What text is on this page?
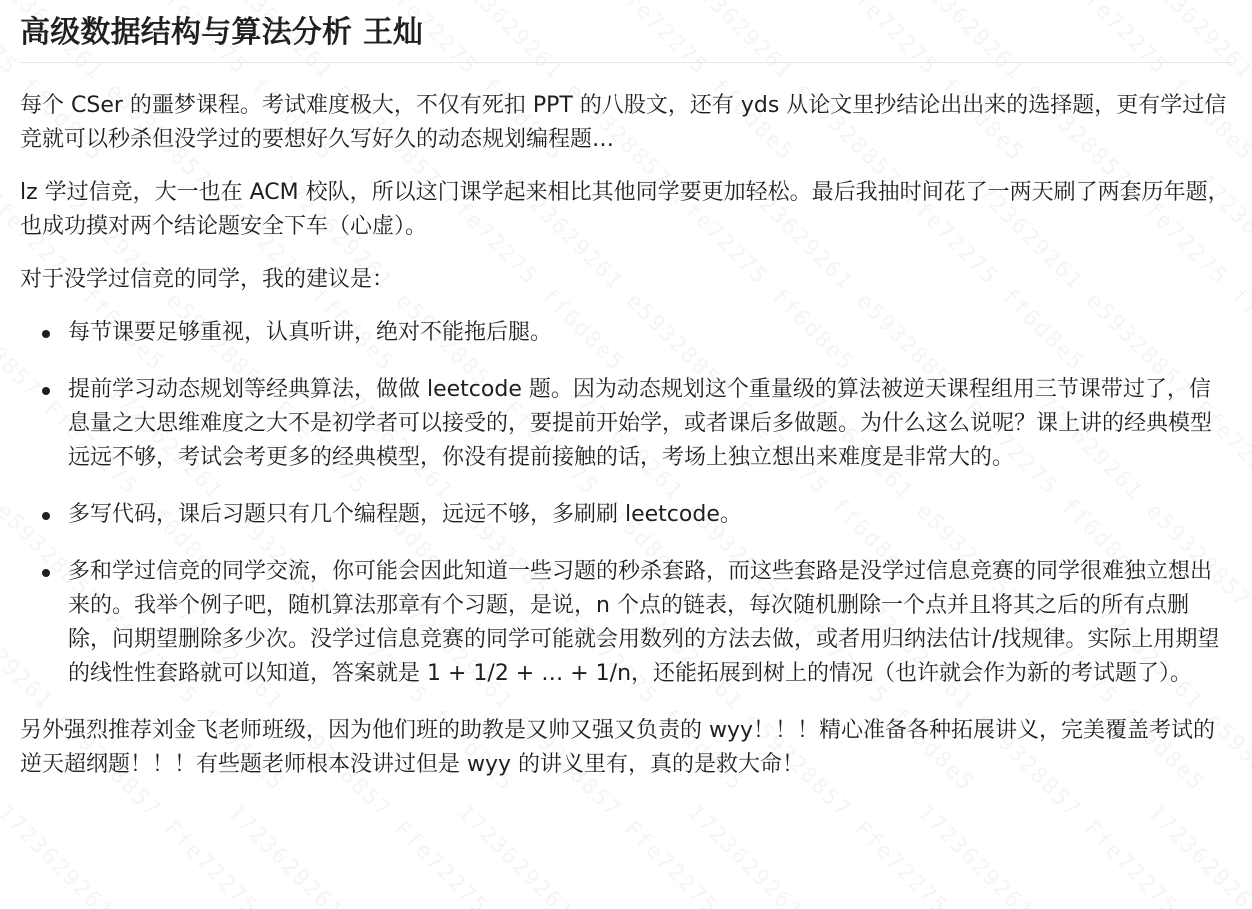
高级数据结构与算法分析 王灿

每个 CSer 的噩梦课程。考试难度极大，不仅有死扣 PPT 的八股文，还有 yds 从论文里抄结论出出来的选择题，更有学过信竞就可以秒杀但没学过的要想好久写好久的动态规划编程题…

lz 学过信竞，大一也在 ACM 校队，所以这门课学起来相比其他同学要更加轻松。最后我抽时间花了一两天刷了两套历年题，也成功摸对两个结论题安全下车（心虚）。

对于没学过信竞的同学，我的建议是：

每节课要足够重视，认真听讲，绝对不能拖后腿。
提前学习动态规划等经典算法，做做 leetcode 题。因为动态规划这个重量级的算法被逆天课程组用三节课带过了，信息量之大思维难度之大不是初学者可以接受的，要提前开始学，或者课后多做题。为什么这么说呢？课上讲的经典模型远远不够，考试会考更多的经典模型，你没有提前接触的话，考场上独立想出来难度是非常大的。
多写代码，课后习题只有几个编程题，远远不够，多刷刷 leetcode。
多和学过信竞的同学交流，你可能会因此知道一些习题的秒杀套路，而这些套路是没学过信息竞赛的同学很难独立想出来的。我举个例子吧，随机算法那章有个习题，是说，n 个点的链表，每次随机删除一个点并且将其之后的所有点删除，问期望删除多少次。没学过信息竞赛的同学可能就会用数列的方法去做，或者用归纳法估计/找规律。实际上用期望的线性性套路就可以知道，答案就是 1 + 1/2 + … + 1/n，还能拓展到树上的情况（也许就会作为新的考试题了）。

另外强烈推荐刘金飞老师班级，因为他们班的助教是又帅又强又负责的 wyy！！！精心准备各种拓展讲义，完美覆盖考试的逆天超纲题！！！有些题老师根本没讲过但是 wyy 的讲义里有，真的是救大命！
